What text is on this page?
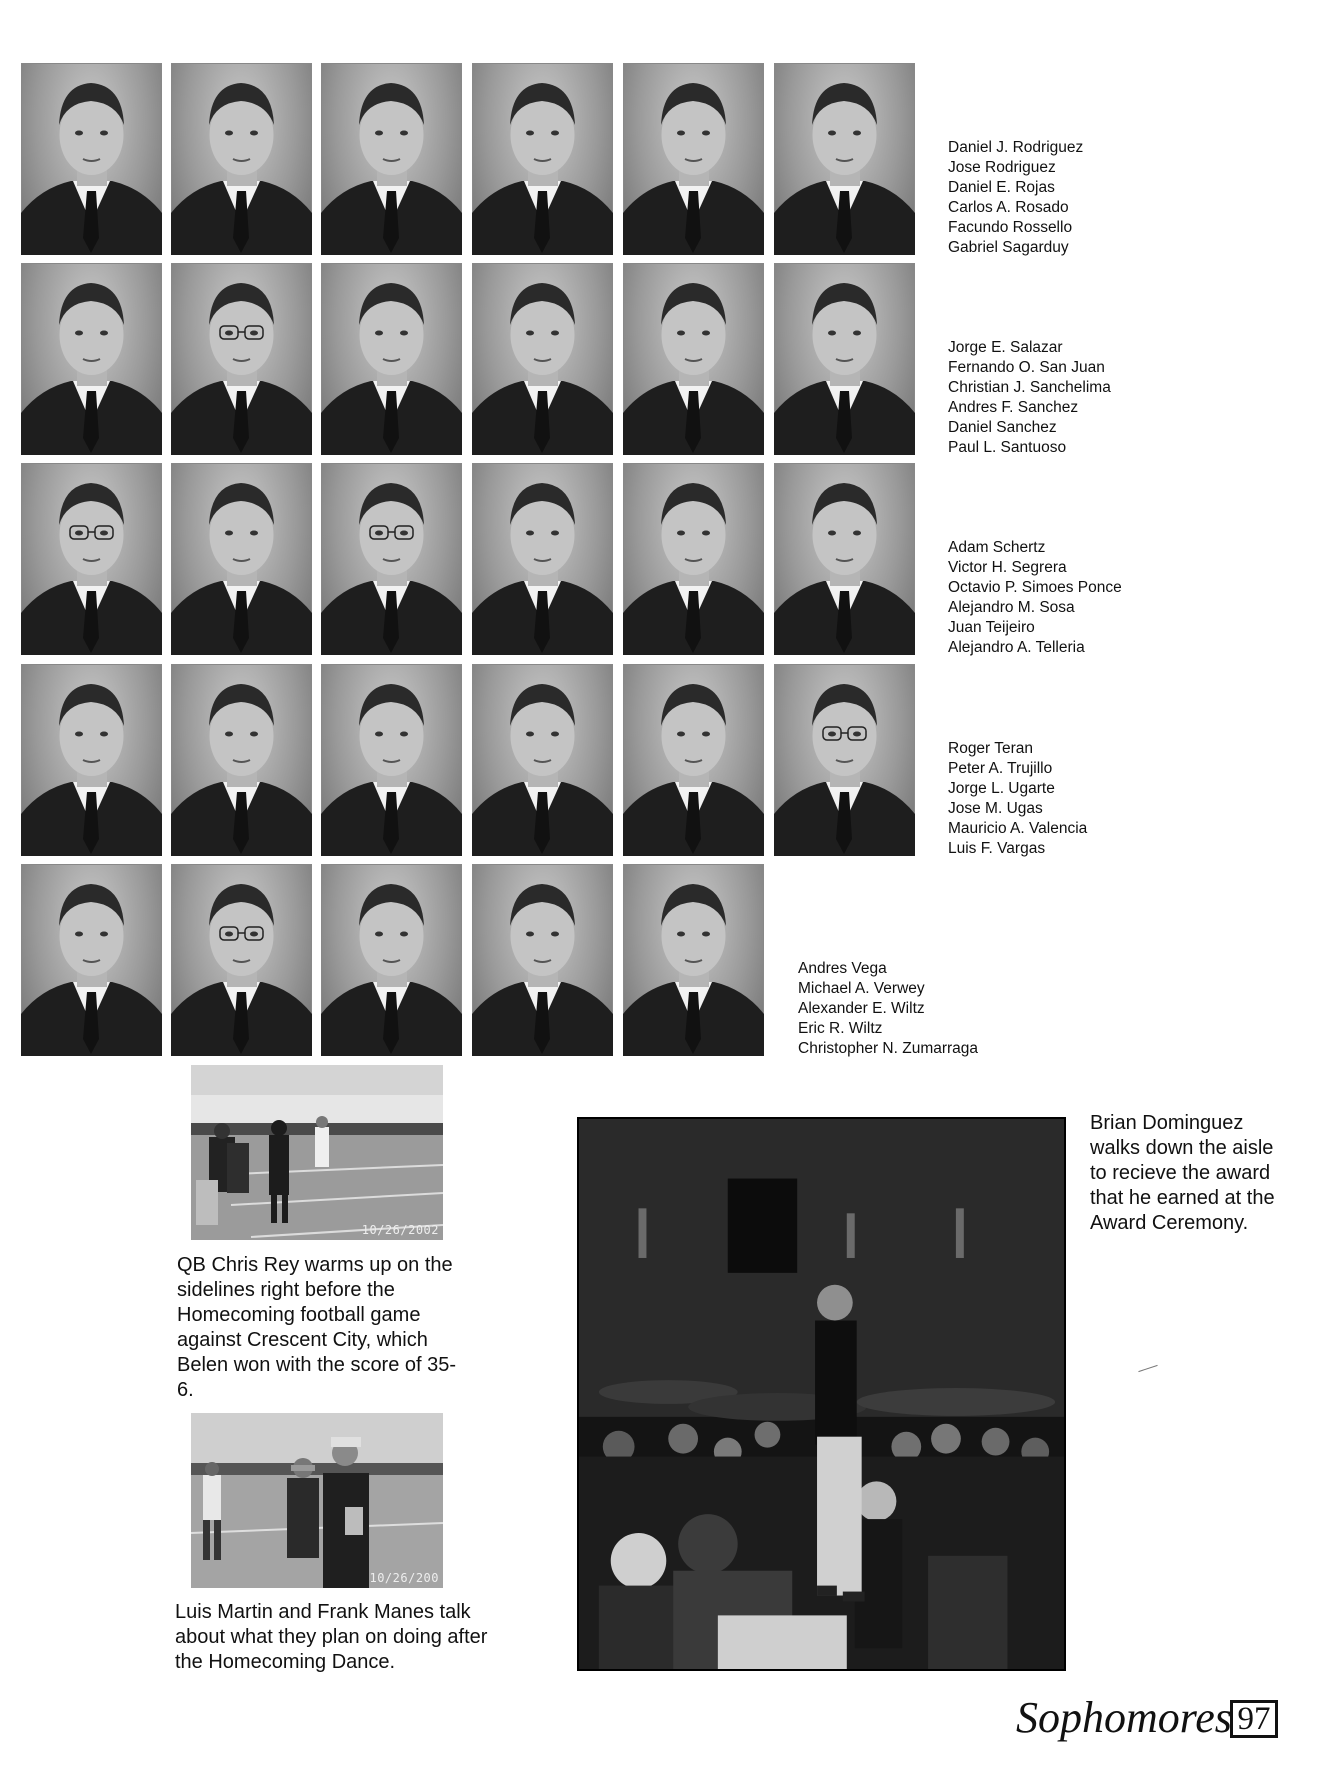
Daniel J. Rodriguez
Jose Rodriguez
Daniel E. Rojas
Carlos A. Rosado
Facundo Rossello
Gabriel Sagarduy
Jorge E. Salazar
Fernando O. San Juan
Christian J. Sanchelima
Andres F. Sanchez
Daniel Sanchez
Paul L. Santuoso
Adam Schertz
Victor H. Segrera
Octavio P. Simoes Ponce
Alejandro M. Sosa
Juan Teijeiro
Alejandro A. Telleria
Roger Teran
Peter A. Trujillo
Jorge L. Ugarte
Jose M. Ugas
Mauricio A. Valencia
Luis F. Vargas
Andres Vega
Michael A. Verwey
Alexander E. Wiltz
Eric R. Wiltz
Christopher N. Zumarraga
10/26/2002
QB Chris Rey warms up on the sidelines right before the Homecoming football game against Crescent City, which Belen won with the score of 35-6.
10/26/200
Luis Martin and Frank Manes talk about what they plan on doing after the Homecoming Dance.
Brian Dominguez walks down the aisle to recieve the award that he earned at the Award Ceremony.
Sophomores 97
